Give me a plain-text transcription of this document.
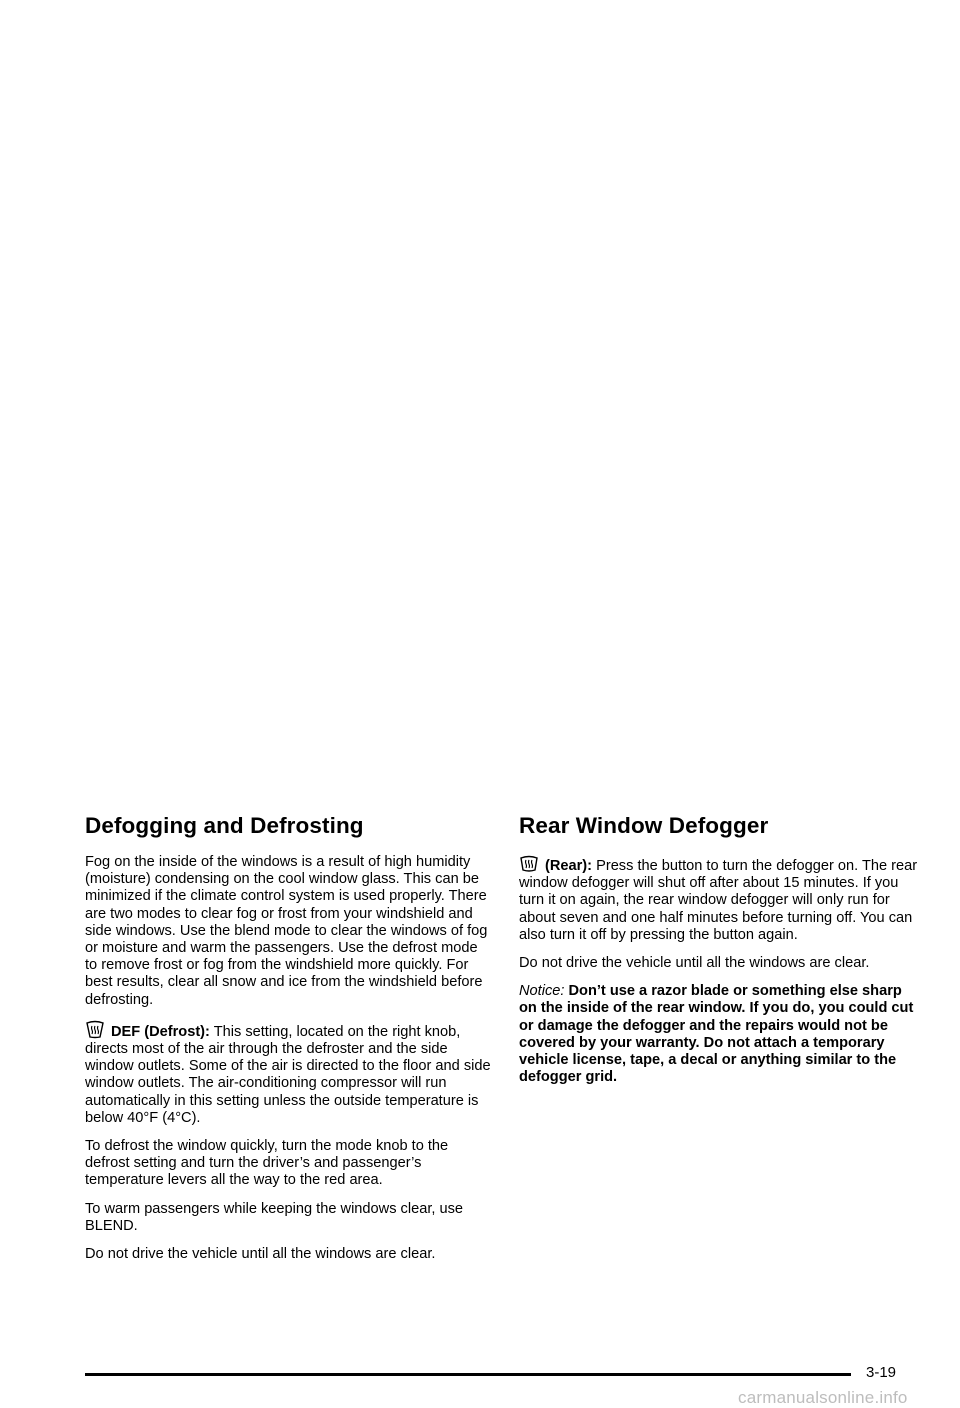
Defogging and Defrosting

Fog on the inside of the windows is a result of high humidity (moisture) condensing on the cool window glass. This can be minimized if the climate control system is used properly. There are two modes to clear fog or frost from your windshield and side windows. Use the blend mode to clear the windows of fog or moisture and warm the passengers. Use the defrost mode to remove frost or fog from the windshield more quickly. For best results, clear all snow and ice from the windshield before defrosting.

DEF (Defrost): This setting, located on the right knob, directs most of the air through the defroster and the side window outlets. Some of the air is directed to the floor and side window outlets. The air-conditioning compressor will run automatically in this setting unless the outside temperature is below 40°F (4°C).

To defrost the window quickly, turn the mode knob to the defrost setting and turn the driver’s and passenger’s temperature levers all the way to the red area.

To warm passengers while keeping the windows clear, use BLEND.

Do not drive the vehicle until all the windows are clear.

Rear Window Defogger

(Rear): Press the button to turn the defogger on. The rear window defogger will shut off after about 15 minutes. If you turn it on again, the rear window defogger will only run for about seven and one half minutes before turning off. You can also turn it off by pressing the button again.

Do not drive the vehicle until all the windows are clear.

Notice: Don’t use a razor blade or something else sharp on the inside of the rear window. If you do, you could cut or damage the defogger and the repairs would not be covered by your warranty. Do not attach a temporary vehicle license, tape, a decal or anything similar to the defogger grid.

3-19
carmanualsonline.info
